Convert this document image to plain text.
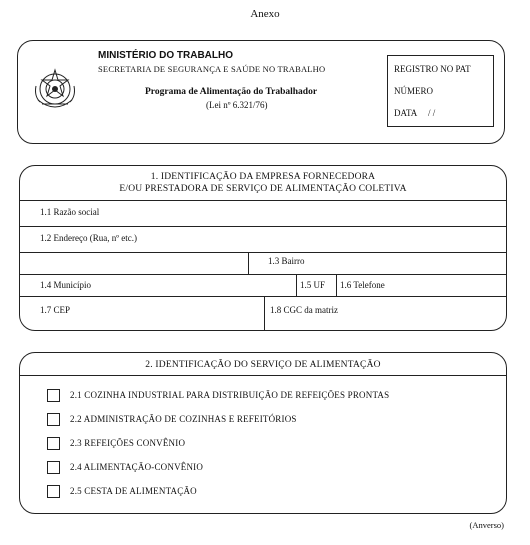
Anexo
MINISTÉRIO DO TRABALHO
SECRETARIA DE SEGURANÇA E SAÚDE NO TRABALHO
Programa de Alimentação do Trabalhador
(Lei nº 6.321/76)
REGISTRO NO PAT
NÚMERO
DATA / /
1. IDENTIFICAÇÃO DA EMPRESA FORNECEDORA
E/OU PRESTADORA DE SERVIÇO DE ALIMENTAÇÃO COLETIVA
1.1 Razão social
1.2 Endereço (Rua, nº etc.)
1.3 Bairro
1.4 Município	1.5 UF 1.6 Telefone
1.7 CEP	1.8 CGC da matriz
2. IDENTIFICAÇÃO DO SERVIÇO DE ALIMENTAÇÃO
2.1 COZINHA INDUSTRIAL PARA DISTRIBUIÇÃO DE REFEIÇÕES PRONTAS
2.2 ADMINISTRAÇÃO DE COZINHAS E REFEITÓRIOS
2.3 REFEIÇÕES CONVÊNIO
2.4 ALIMENTAÇÃO-CONVÊNIO
2.5 CESTA DE ALIMENTAÇÃO
(Anverso)
